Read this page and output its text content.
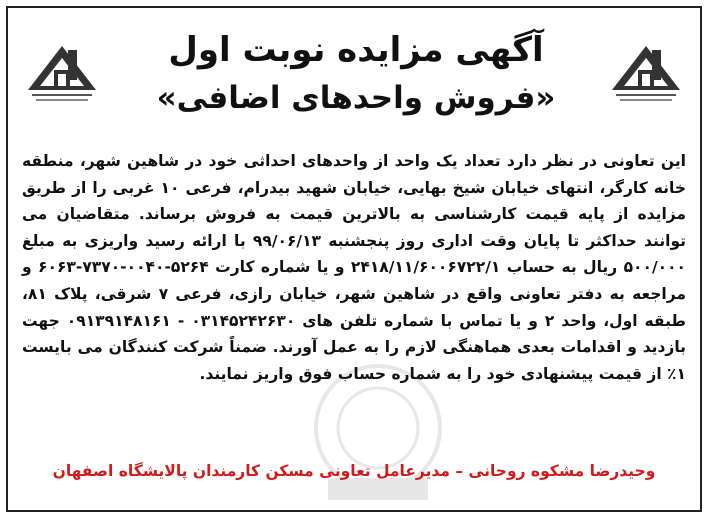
آگهی مزایده نوبت اول
«فروش واحدهای اضافی»
این تعاونی در نظر دارد تعداد یک واحد از واحدهای احداثی خود در شاهین شهر، منطقه خانه کارگر، انتهای خیابان شیخ بهایی، خیابان شهید بیدرام، فرعی ۱۰ غربی را از طریق مزایده از پایه قیمت کارشناسی به بالاترین قیمت به فروش برساند. متقاضیان می توانند حداکثر تا پایان وقت اداری روز پنجشنبه ۹۹/۰۶/۱۳ با ارائه رسید واریزی به مبلغ ۵۰۰/۰۰۰ ریال به حساب ۲۴۱۸/۱۱/۶۰۰۶۷۲۲/۱ و یا شماره کارت ۵۲۶۴-۰۰۴۰-۷۳۷۰-۶۰۶۳ و مراجعه به دفتر تعاونی واقع در شاهین شهر، خیابان رازی، فرعی ۷ شرقی، پلاک ۸۱، طبقه اول، واحد ۲ و یا تماس با شماره تلفن های ۰۳۱۴۵۲۴۲۶۳۰ - ۰۹۱۳۹۱۴۸۱۶۱ جهت بازدید و اقدامات بعدی هماهنگی لازم را به عمل آورند. ضمناً شرکت کنندگان می بایست ۱٪ از قیمت پیشنهادی خود را به شماره حساب فوق واریز نمایند.
وحیدرضا مشکوه روحانی – مدیرعامل تعاونی مسکن کارمندان پالایشگاه اصفهان
